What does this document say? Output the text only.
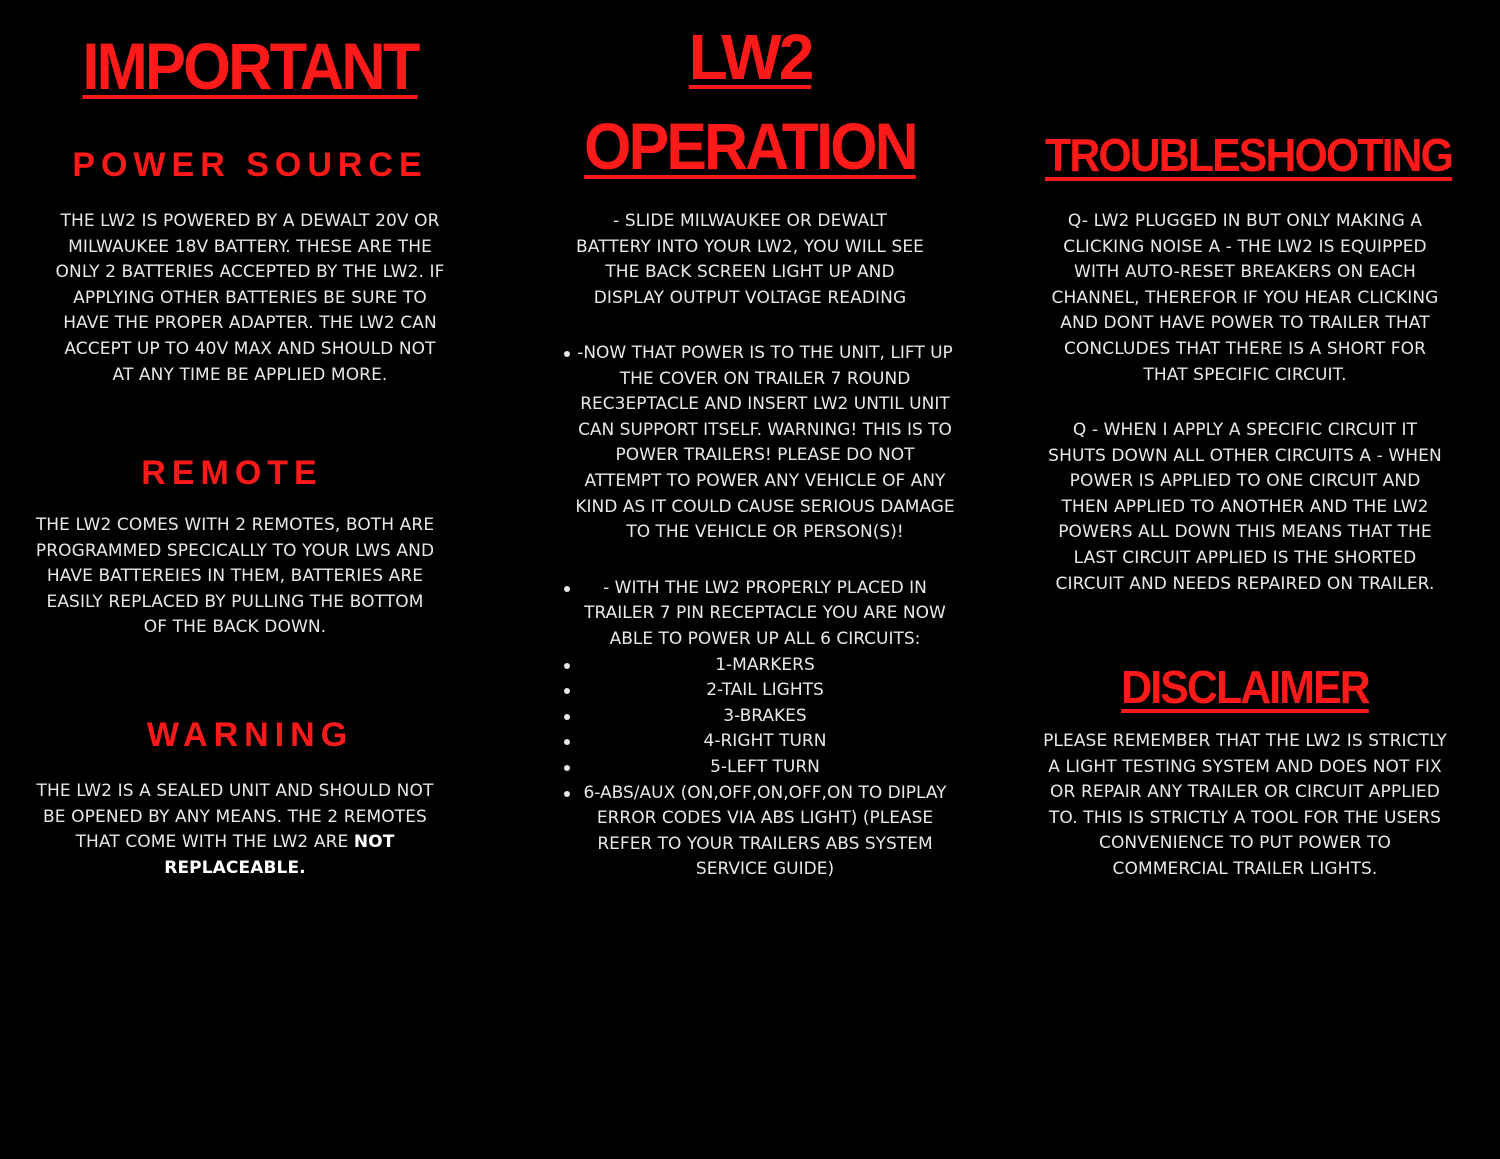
IMPORTANT
POWER SOURCE
THE LW2 IS POWERED BY A DEWALT 20V OR MILWAUKEE 18V BATTERY. THESE ARE THE ONLY 2 BATTERIES ACCEPTED BY THE LW2. IF APPLYING OTHER BATTERIES BE SURE TO HAVE THE PROPER ADAPTER. THE LW2 CAN ACCEPT UP TO 40V MAX AND SHOULD NOT AT ANY TIME BE APPLIED MORE.
REMOTE
THE LW2 COMES WITH 2 REMOTES, BOTH ARE PROGRAMMED SPECICALLY TO YOUR LWS AND HAVE BATTEREIES IN THEM, BATTERIES ARE EASILY REPLACED BY PULLING THE BOTTOM OF THE BACK DOWN.
WARNING
THE LW2 IS A SEALED UNIT AND SHOULD NOT BE OPENED BY ANY MEANS. THE 2 REMOTES THAT COME WITH THE LW2 ARE NOT REPLACEABLE.
LW2
OPERATION
- SLIDE MILWAUKEE OR DEWALT BATTERY INTO YOUR LW2, YOU WILL SEE THE BACK SCREEN LIGHT UP AND DISPLAY OUTPUT VOLTAGE READING
-NOW THAT POWER IS TO THE UNIT, LIFT UP THE COVER ON TRAILER 7 ROUND REC3EPTACLE AND INSERT LW2 UNTIL UNIT CAN SUPPORT ITSELF. WARNING! THIS IS TO POWER TRAILERS! PLEASE DO NOT ATTEMPT TO POWER ANY VEHICLE OF ANY KIND AS IT COULD CAUSE SERIOUS DAMAGE TO THE VEHICLE OR PERSON(S)!
- WITH THE LW2 PROPERLY PLACED IN TRAILER 7 PIN RECEPTACLE YOU ARE NOW ABLE TO POWER UP ALL 6 CIRCUITS:
1-MARKERS
2-TAIL LIGHTS
3-BRAKES
4-RIGHT TURN
5-LEFT TURN
6-ABS/AUX (ON,OFF,ON,OFF,ON TO DIPLAY ERROR CODES VIA ABS LIGHT) (PLEASE REFER TO YOUR TRAILERS ABS SYSTEM SERVICE GUIDE)
TROUBLESHOOTING
Q- LW2 PLUGGED IN BUT ONLY MAKING A CLICKING NOISE A - THE LW2 IS EQUIPPED WITH AUTO-RESET BREAKERS ON EACH CHANNEL, THEREFOR IF YOU HEAR CLICKING AND DONT HAVE POWER TO TRAILER THAT CONCLUDES THAT THERE IS A SHORT FOR THAT SPECIFIC CIRCUIT.
Q - WHEN I APPLY A SPECIFIC CIRCUIT IT SHUTS DOWN ALL OTHER CIRCUITS A - WHEN POWER IS APPLIED TO ONE CIRCUIT AND THEN APPLIED TO ANOTHER AND THE LW2 POWERS ALL DOWN THIS MEANS THAT THE LAST CIRCUIT APPLIED IS THE SHORTED CIRCUIT AND NEEDS REPAIRED ON TRAILER.
DISCLAIMER
PLEASE REMEMBER THAT THE LW2 IS STRICTLY A LIGHT TESTING SYSTEM AND DOES NOT FIX OR REPAIR ANY TRAILER OR CIRCUIT APPLIED TO. THIS IS STRICTLY A TOOL FOR THE USERS CONVENIENCE TO PUT POWER TO COMMERCIAL TRAILER LIGHTS.
